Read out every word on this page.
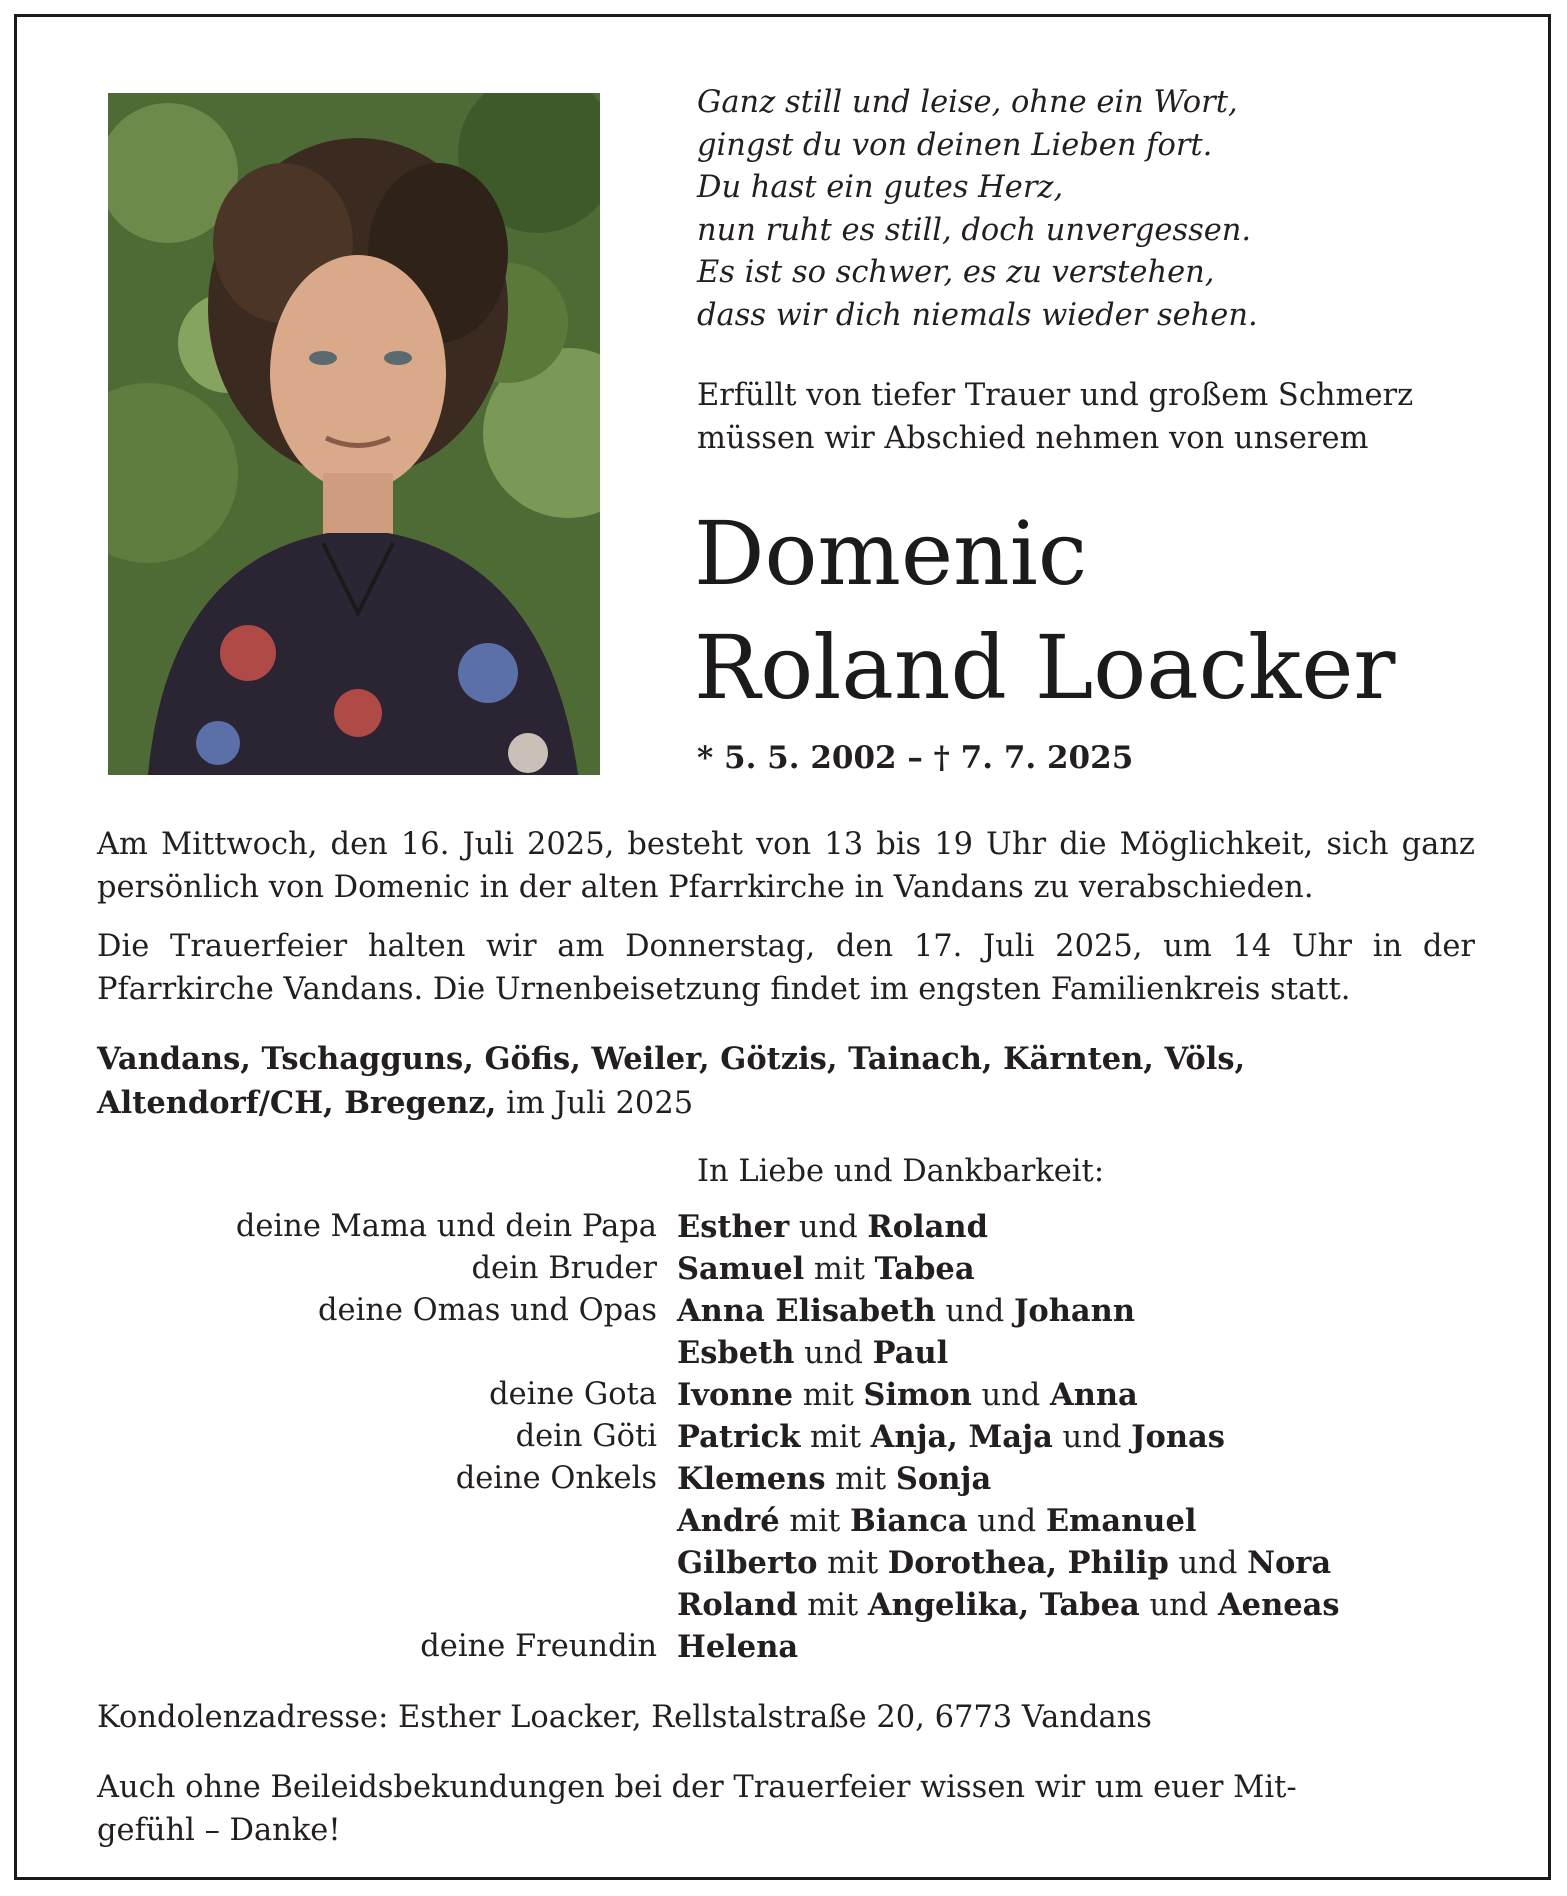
Ganz still und leise, ohne ein Wort,
gingst du von deinen Lieben fort.
Du hast ein gutes Herz,
nun ruht es still, doch unvergessen.
Es ist so schwer, es zu verstehen,
dass wir dich niemals wieder sehen.
Erfüllt von tiefer Trauer und großem Schmerz
müssen wir Abschied nehmen von unserem
Domenic
Roland Loacker
* 5. 5. 2002 – † 7. 7. 2025

Am Mittwoch, den 16. Juli 2025, besteht von 13 bis 19 Uhr die Möglichkeit, sich ganz persönlich von Domenic in der alten Pfarrkirche in Vandans zu verabschieden.

Die Trauerfeier halten wir am Donnerstag, den 17. Juli 2025, um 14 Uhr in der Pfarrkirche Vandans. Die Urnenbeisetzung findet im engsten Familienkreis statt.

Vandans, Tschagguns, Göfis, Weiler, Götzis, Tainach, Kärnten, Völs, Altendorf/CH, Bregenz, im Juli 2025

In Liebe und Dankbarkeit:

deine Mama und dein Papa Esther und Roland
dein Bruder Samuel mit Tabea
deine Omas und Opas Anna Elisabeth und Johann
Esbeth und Paul
deine Gota Ivonne mit Simon und Anna
dein Göti Patrick mit Anja, Maja und Jonas
deine Onkels Klemens mit Sonja
André mit Bianca und Emanuel
Gilberto mit Dorothea, Philip und Nora
Roland mit Angelika, Tabea und Aeneas
deine Freundin Helena

Kondolenzadresse: Esther Loacker, Rellstalstraße 20, 6773 Vandans

Auch ohne Beileidsbekundungen bei der Trauerfeier wissen wir um euer Mit-
gefühl – Danke!
